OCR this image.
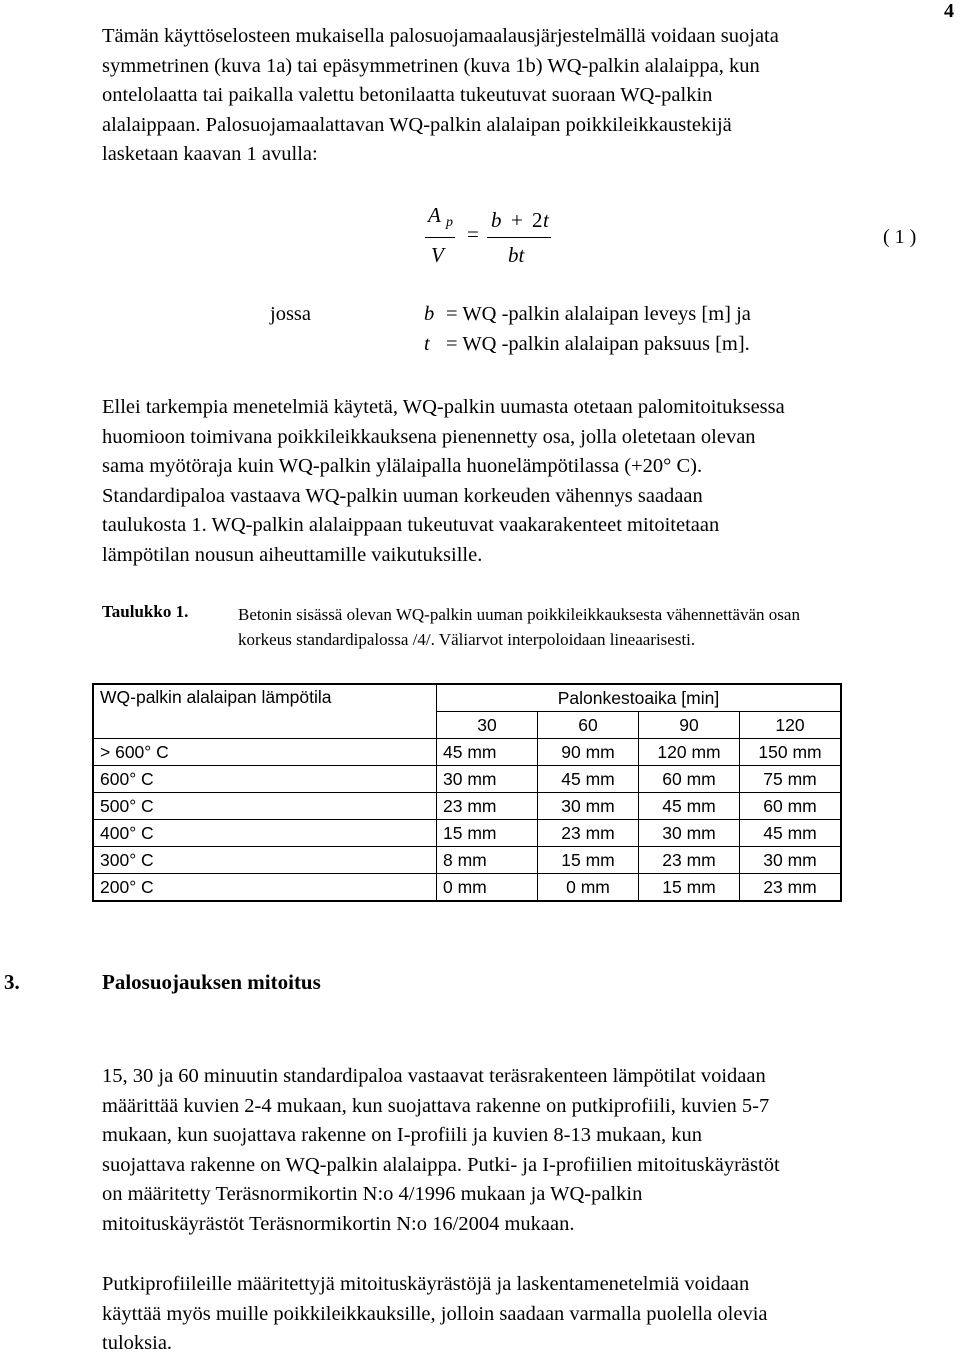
4
Tämän käyttöselosteen mukaisella palosuojamaalausjärjestelmällä voidaan suojata
symmetrinen (kuva 1a) tai epäsymmetrinen (kuva 1b) WQ-palkin alalaippa, kun
ontelolaatta tai paikalla valettu betonilaatta tukeutuvat suoraan WQ-palkin
alalaippaan. Palosuojamaalattavan WQ-palkin alalaipan poikkileikkaustekijä
lasketaan kaavan 1 avulla:
A p
V
=
b + 2 t
bt
( 1 )
jossa	b = WQ -palkin alalaipan leveys [m] ja
t = WQ -palkin alalaipan paksuus [m].
Ellei tarkempia menetelmiä käytetä, WQ-palkin uumasta otetaan palomitoituksessa
huomioon toimivana poikkileikkauksena pienennetty osa, jolla oletetaan olevan
sama myötöraja kuin WQ-palkin ylälaipalla huonelämpötilassa (+20° C).
Standardipaloa vastaava WQ-palkin uuman korkeuden vähennys saadaan
taulukosta 1. WQ-palkin alalaippaan tukeutuvat vaakarakenteet mitoitetaan
lämpötilan nousun aiheuttamille vaikutuksille.
Taulukko 1.	Betonin sisässä olevan WQ-palkin uuman poikkileikkauksesta vähennettävän osan
korkeus standardipalossa /4/. Väliarvot interpoloidaan lineaarisesti.
WQ-palkin alalaipan lämpötila	Palonkestoaika [min]			
	30	60	90	120
> 600° C	45 mm	90 mm	120 mm	150 mm
600° C	30 mm	45 mm	60 mm	75 mm
500° C	23 mm	30 mm	45 mm	60 mm
400° C	15 mm	23 mm	30 mm	45 mm
300° C	8 mm	15 mm	23 mm	30 mm
200° C	0 mm	0 mm	15 mm	23 mm
3.	Palosuojauksen mitoitus
15, 30 ja 60 minuutin standardipaloa vastaavat teräsrakenteen lämpötilat voidaan
määrittää kuvien 2-4 mukaan, kun suojattava rakenne on putkiprofiili, kuvien 5-7
mukaan, kun suojattava rakenne on I-profiili ja kuvien 8-13 mukaan, kun
suojattava rakenne on WQ-palkin alalaippa. Putki- ja I-profiilien mitoituskäyrästöt
on määritetty Teräsnormikortin N:o 4/1996 mukaan ja WQ-palkin
mitoituskäyrästöt Teräsnormikortin N:o 16/2004 mukaan.
Putkiprofiileille määritettyjä mitoituskäyrästöjä ja laskentamenetelmiä voidaan
käyttää myös muille poikkileikkauksille, jolloin saadaan varmalla puolella olevia
tuloksia.
